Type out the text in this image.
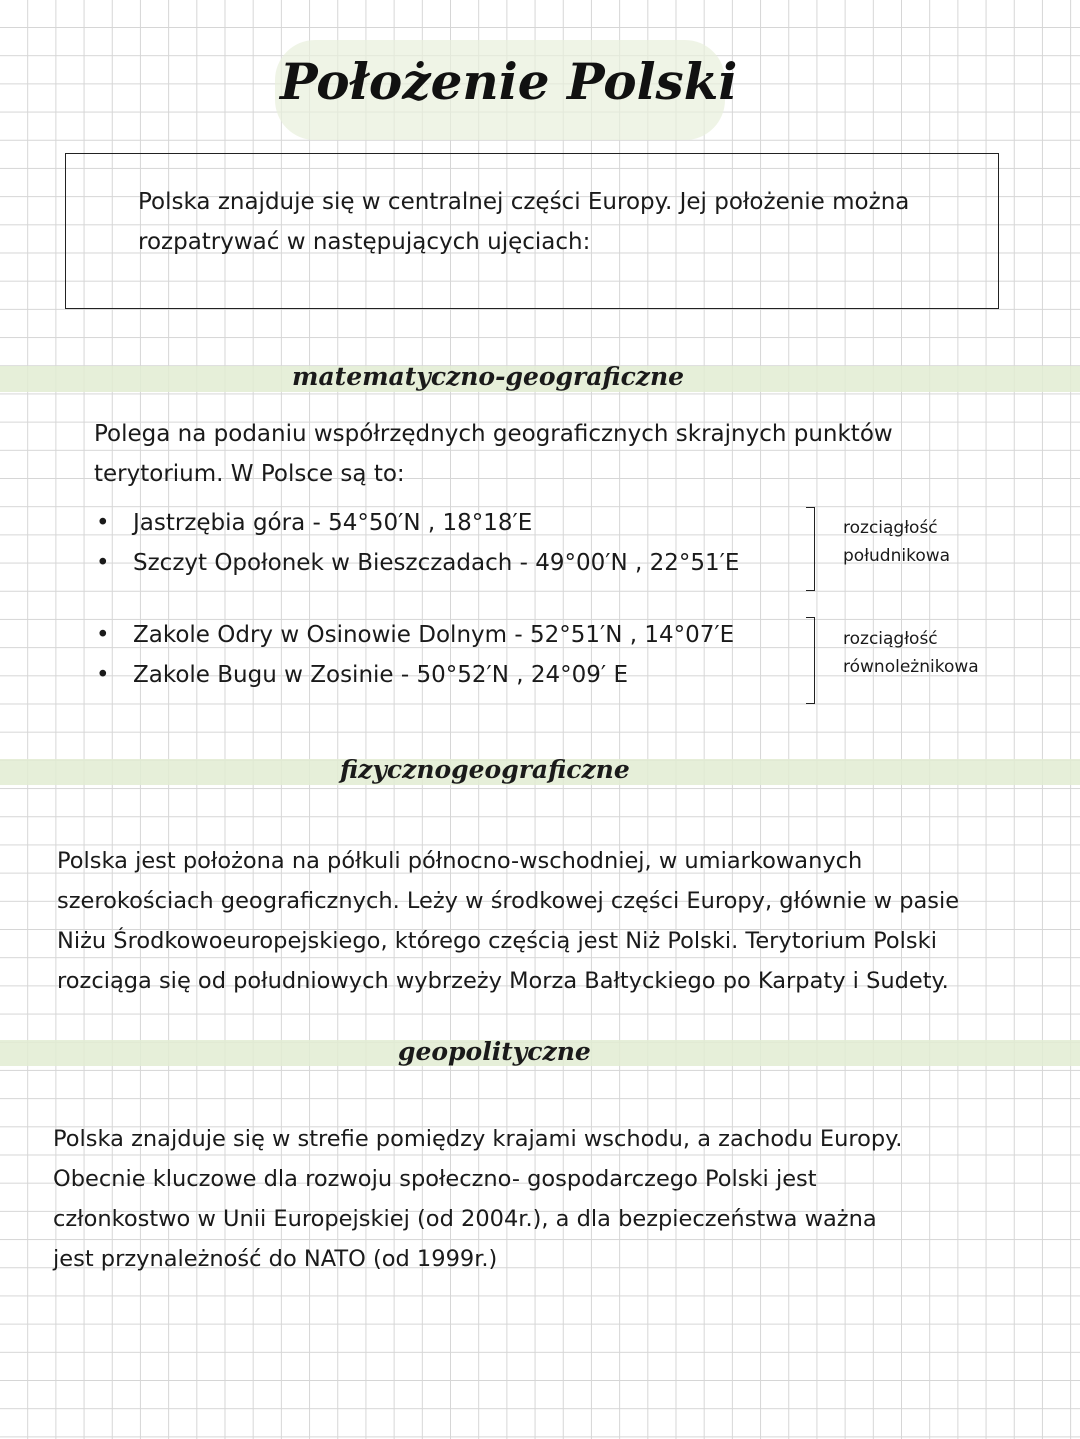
Położenie Polski
Polska znajduje się w centralnej części Europy. Jej położenie można
rozpatrywać w następujących ujęciach:
matematyczno-geograficzne
Polega na podaniu współrzędnych geograficznych skrajnych punktów
terytorium. W Polsce są to:
• Jastrzębia góra - 54°50′N , 18°18′E
• Szczyt Opołonek w Bieszczadach - 49°00′N , 22°51′E
rozciągłość
południkowa
• Zakole Odry w Osinowie Dolnym - 52°51′N , 14°07′E
• Zakole Bugu w Zosinie - 50°52′N , 24°09′ E
rozciągłość
równoleżnikowa
fizycznogeograficzne
Polska jest położona na półkuli północno-wschodniej, w umiarkowanych
szerokościach geograficznych. Leży w środkowej części Europy, głównie w pasie
Niżu Środkowoeuropejskiego, którego częścią jest Niż Polski. Terytorium Polski
rozciąga się od południowych wybrzeży Morza Bałtyckiego po Karpaty i Sudety.
geopolityczne
Polska znajduje się w strefie pomiędzy krajami wschodu, a zachodu Europy.
Obecnie kluczowe dla rozwoju społeczno- gospodarczego Polski jest
członkostwo w Unii Europejskiej (od 2004r.), a dla bezpieczeństwa ważna
jest przynależność do NATO (od 1999r.)
